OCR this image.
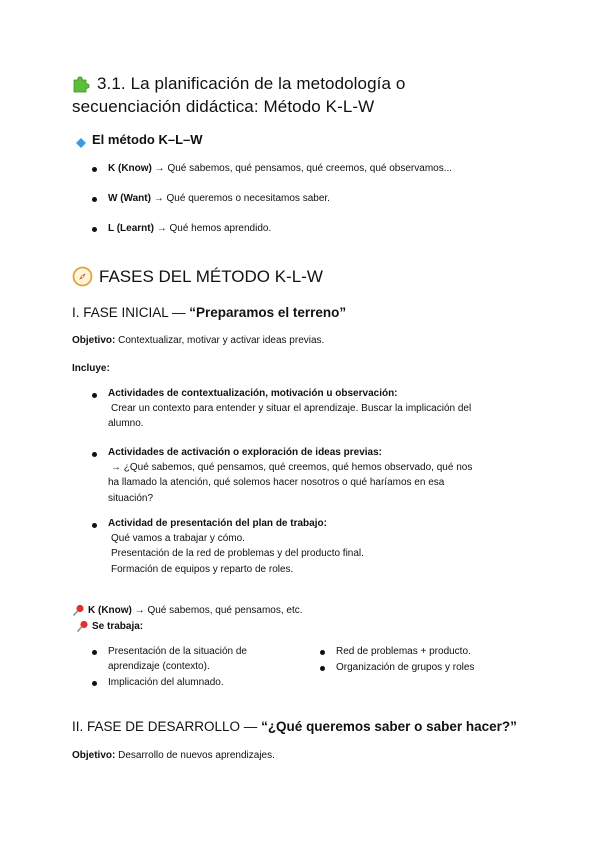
3.1. La planificación de la metodología o
secuenciación didáctica: Método K-L-W
El método K–L–W
K (Know) → Qué sabemos, qué pensamos, qué creemos, qué observamos...
W (Want) → Qué queremos o necesitamos saber.
L (Learnt) → Qué hemos aprendido.
FASES DEL MÉTODO K-L-W
I. FASE INICIAL — “Preparamos el terreno”
Objetivo: Contextualizar, motivar y activar ideas previas.
Incluye:
Actividades de contextualización, motivación u observación:
Crear un contexto para entender y situar el aprendizaje. Buscar la implicación del
alumno.
Actividades de activación o exploración de ideas previas:
→ ¿Qué sabemos, qué pensamos, qué creemos, qué hemos observado, qué nos
ha llamado la atención, qué solemos hacer nosotros o qué haríamos en esa
situación?
Actividad de presentación del plan de trabajo:
Qué vamos a trabajar y cómo.
Presentación de la red de problemas y del producto final.
Formación de equipos y reparto de roles.
K (Know) → Qué sabemos, qué pensamos, etc.
Se trabaja:
Presentación de la situación de
aprendizaje (contexto).
Implicación del alumnado.
Red de problemas + producto.
Organización de grupos y roles
II. FASE DE DESARROLLO — “¿Qué queremos saber o saber hacer?”
Objetivo: Desarrollo de nuevos aprendizajes.
